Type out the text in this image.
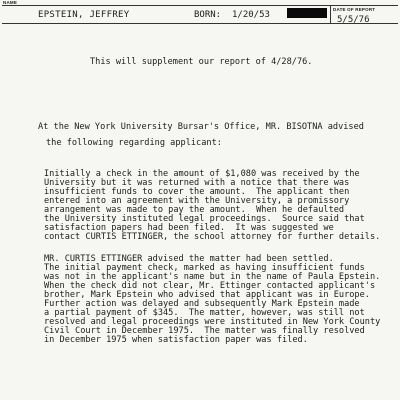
NAME
EPSTEIN, JEFFREY	BORN: 1/20/53
DATE OF REPORT
5/5/76
This will supplement our report of 4/28/76.
At the New York University Bursar's Office, MR. BISOTNA advised
the following regarding applicant:
Initially a check in the amount of $1,080 was received by the
University but it was returned with a notice that there was
insufficient funds to cover the amount.  The applicant then
entered into an agreement with the University, a promissory
arrangement was made to pay the amount.  When he defaulted
the University instituted legal proceedings.  Source said that
satisfaction papers had been filed.  It was suggested we
contact CURTIS ETTINGER, the school attorney for further details.
MR. CURTIS ETTINGER advised the matter had been settled.
The initial payment check, marked as having insufficient funds
was not in the applicant's name but in the name of Paula Epstein.
When the check did not clear, Mr. Ettinger contacted applicant's
brother, Mark Epstein who advised that applicant was in Europe.
Further action was delayed and subsequently Mark Epstein made
a partial payment of $345.  The matter, however, was still not
resolved and legal proceedings were instituted in New York County
Civil Court in December 1975.  The matter was finally resolved
in December 1975 when satisfaction paper was filed.
